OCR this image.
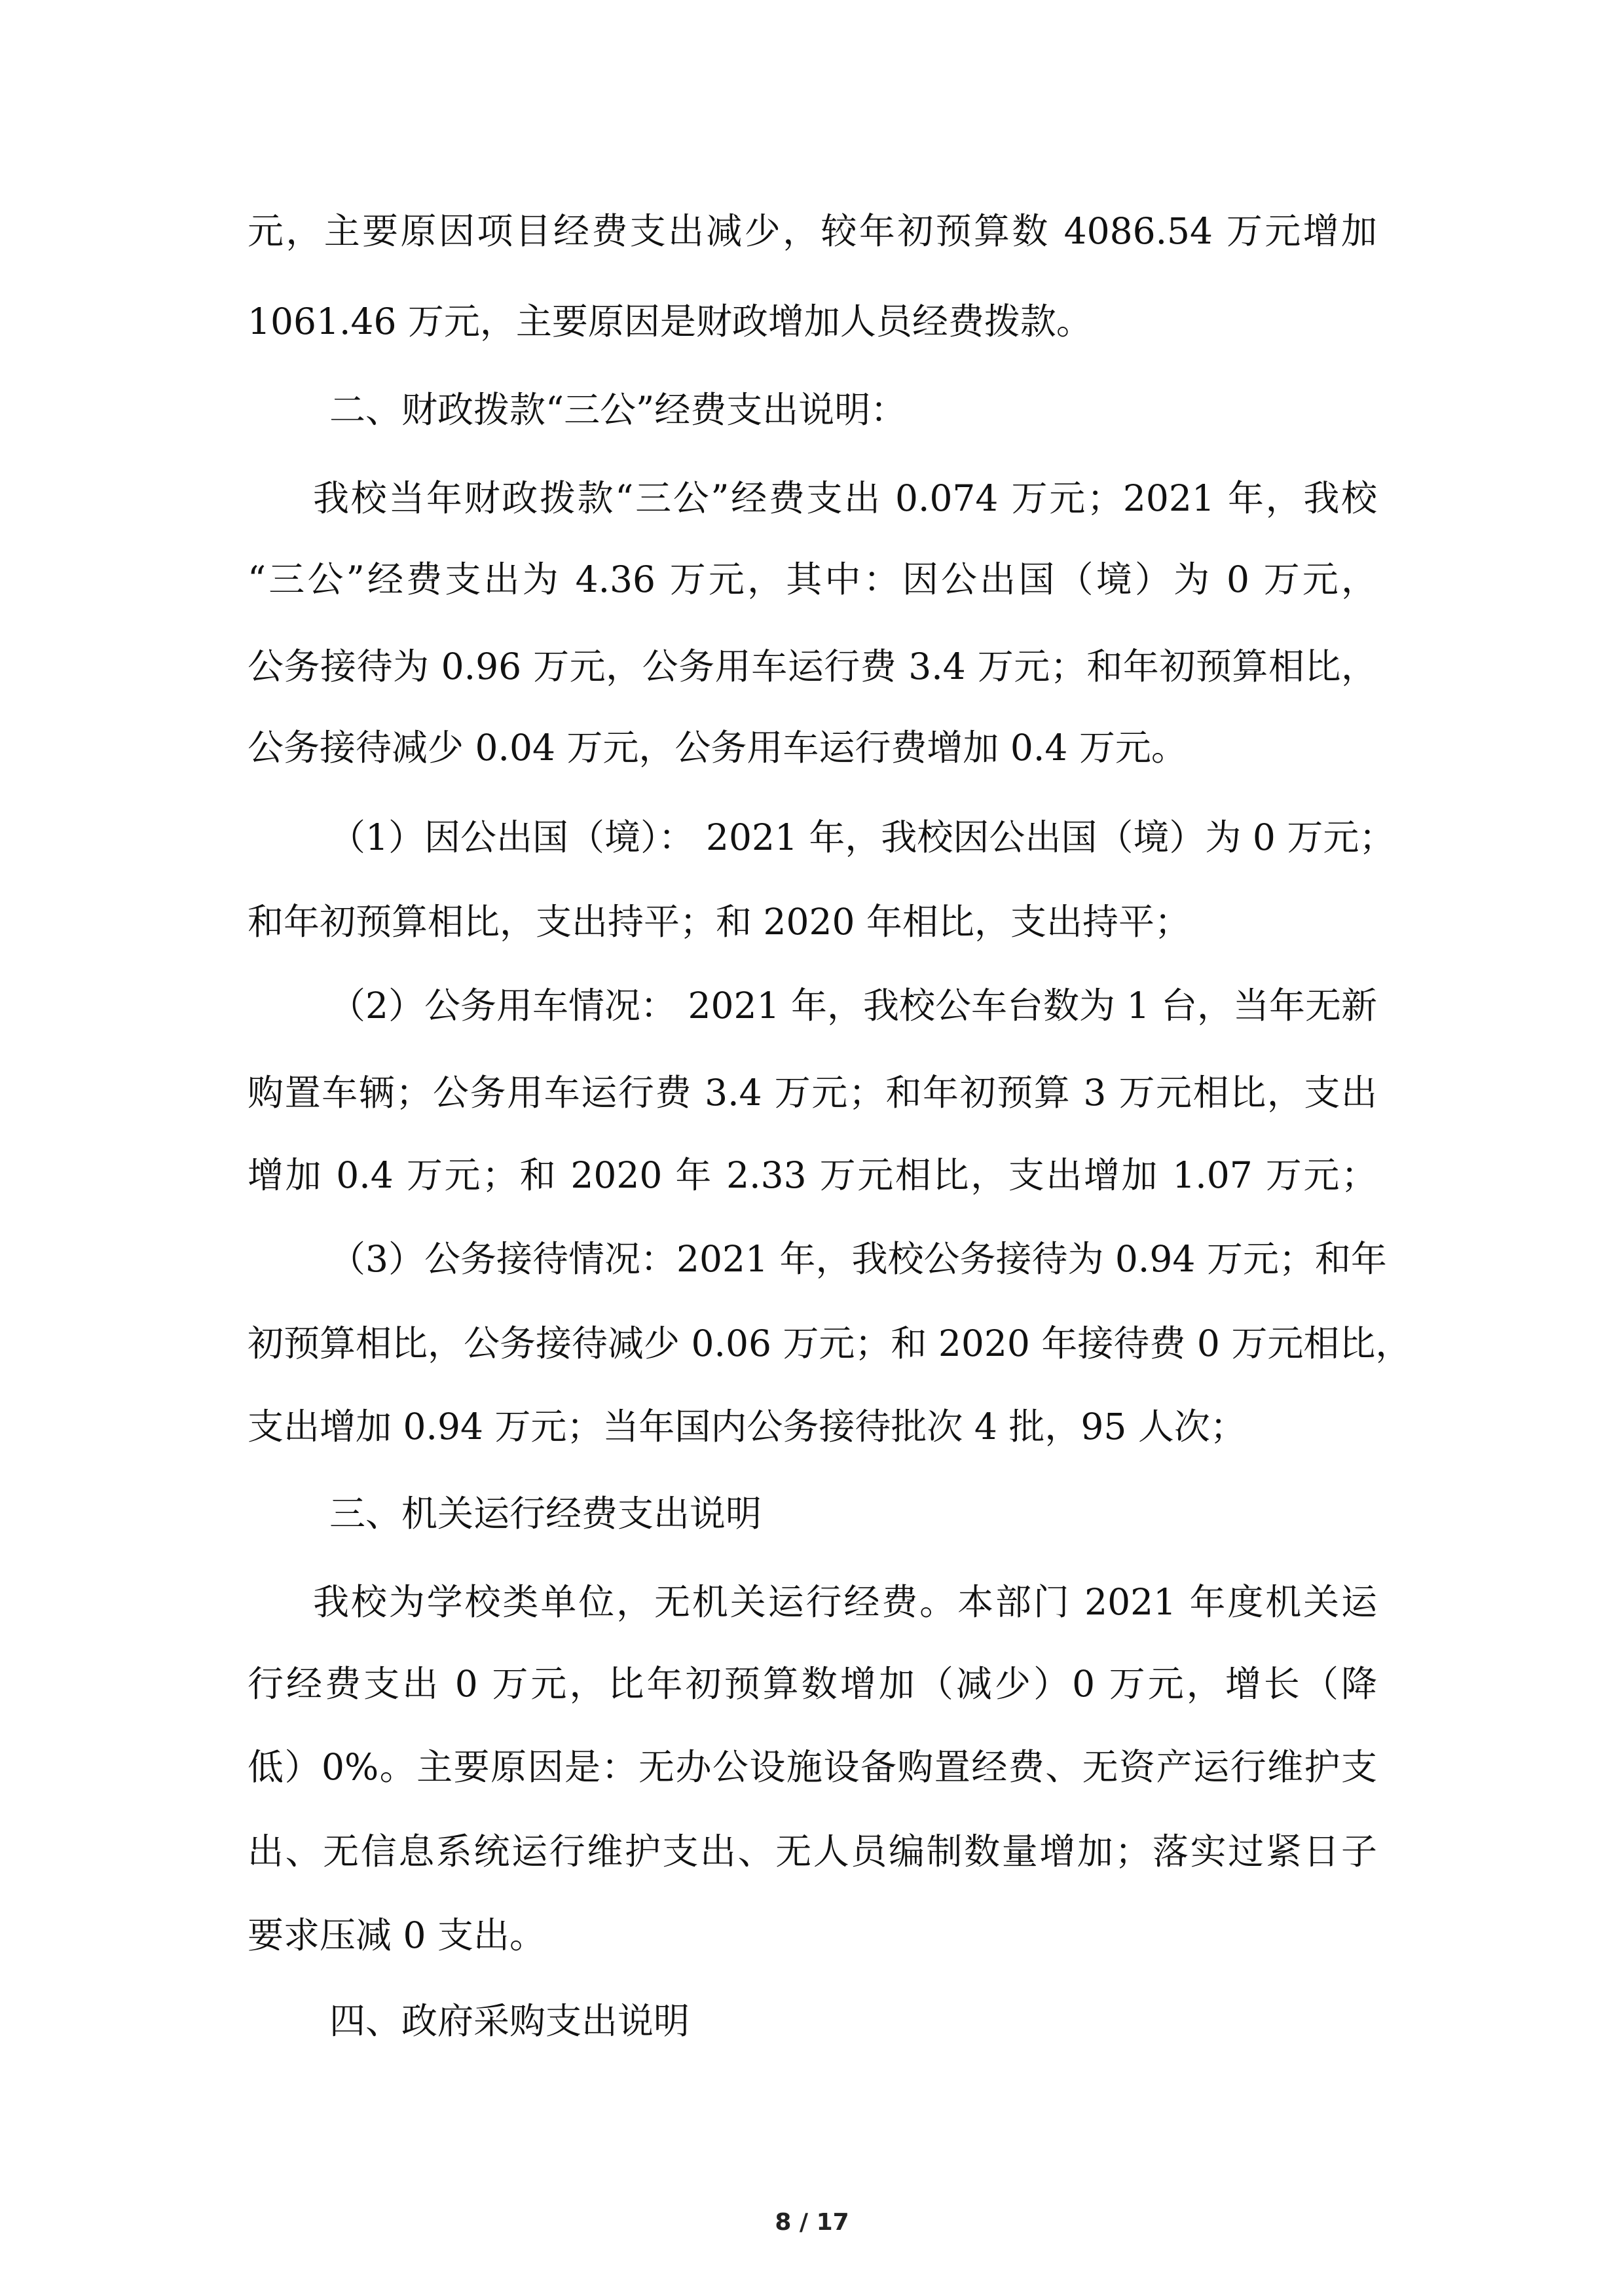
元，主要原因项目经费支出减少，较年初预算数 4086.54 万元增加
1061.46 万元，主要原因是财政增加人员经费拨款。
二、财政拨款“三公”经费支出说明：
我校当年财政拨款“三公”经费支出 0.074 万元；2021 年，我校
“三公”经费支出为 4.36 万元，其中：因公出国（境）为 0 万元，
公务接待为 0.96 万元，公务用车运行费 3.4 万元；和年初预算相比，
公务接待减少 0.04 万元，公务用车运行费增加 0.4 万元。
（1）因公出国（境）： 2021 年，我校因公出国（境）为 0 万元；
和年初预算相比，支出持平；和 2020 年相比，支出持平；
（2）公务用车情况： 2021 年，我校公车台数为 1 台，当年无新
购置车辆；公务用车运行费 3.4 万元；和年初预算 3 万元相比，支出
增加 0.4 万元；和 2020 年 2.33 万元相比，支出增加 1.07 万元；
（3）公务接待情况：2021 年，我校公务接待为 0.94 万元；和年
初预算相比，公务接待减少 0.06 万元；和 2020 年接待费 0 万元相比，
支出增加 0.94 万元；当年国内公务接待批次 4 批，95 人次；
三、机关运行经费支出说明
我校为学校类单位，无机关运行经费。本部门 2021 年度机关运
行经费支出 0 万元，比年初预算数增加（减少）0 万元，增长（降
低）0%。主要原因是：无办公设施设备购置经费、无资产运行维护支
出、无信息系统运行维护支出、无人员编制数量增加；落实过紧日子
要求压减 0 支出。
四、政府采购支出说明
8 / 17
